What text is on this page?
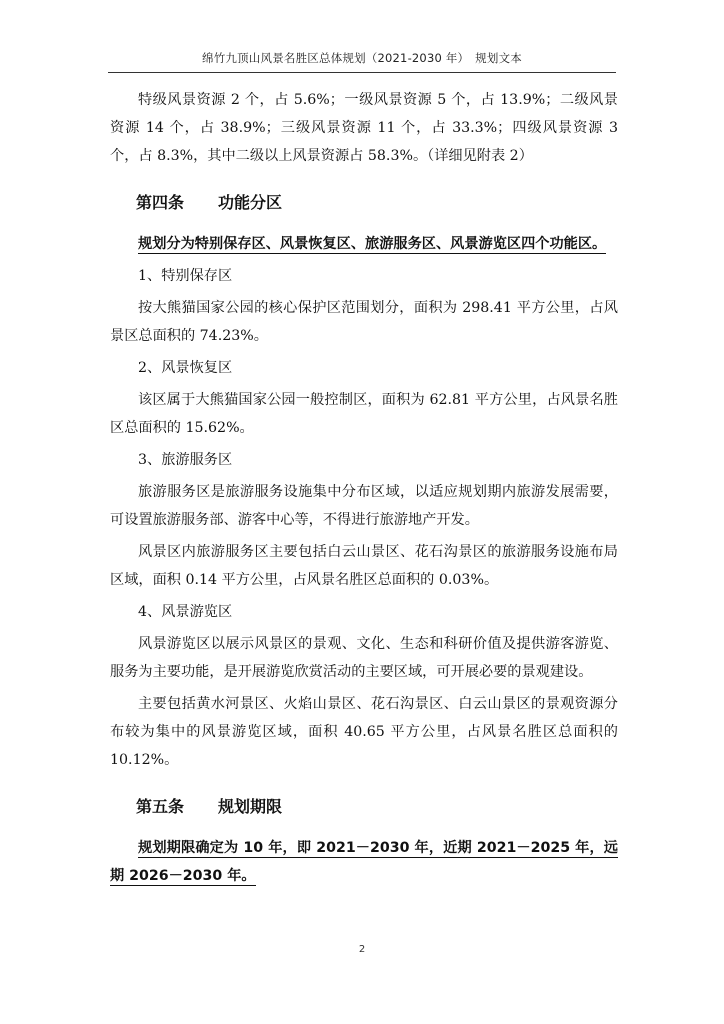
绵竹九顶山风景名胜区总体规划（2021-2030 年）　规划文本

特级风景资源 2 个，占 5.6%；一级风景资源 5 个，占 13.9%；二级风景资源 14 个，占 38.9%；三级风景资源 11 个，占 33.3%；四级风景资源 3 个，占 8.3%，其中二级以上风景资源占 58.3%。（详细见附表 2）

第四条 功能分区
规划分为特别保存区、风景恢复区、旅游服务区、风景游览区四个功能区。
1、特别保存区

按大熊猫国家公园的核心保护区范围划分，面积为 298.41 平方公里，占风景区总面积的 74.23%。

2、风景恢复区

该区属于大熊猫国家公园一般控制区，面积为 62.81 平方公里，占风景名胜区总面积的 15.62%。

3、旅游服务区

旅游服务区是旅游服务设施集中分布区域，以适应规划期内旅游发展需要，可设置旅游服务部、游客中心等，不得进行旅游地产开发。

风景区内旅游服务区主要包括白云山景区、花石沟景区的旅游服务设施布局区域，面积 0.14 平方公里，占风景名胜区总面积的 0.03%。

4、风景游览区

风景游览区以展示风景区的景观、文化、生态和科研价值及提供游客游览、服务为主要功能，是开展游览欣赏活动的主要区域，可开展必要的景观建设。

主要包括黄水河景区、火焰山景区、花石沟景区、白云山景区的景观资源分布较为集中的风景游览区域，面积 40.65 平方公里，占风景名胜区总面积的 10.12%。

第五条 规划期限
规划期限确定为 10 年，即 2021－2030 年，近期 2021－2025 年，远期 2026－2030 年。
2
